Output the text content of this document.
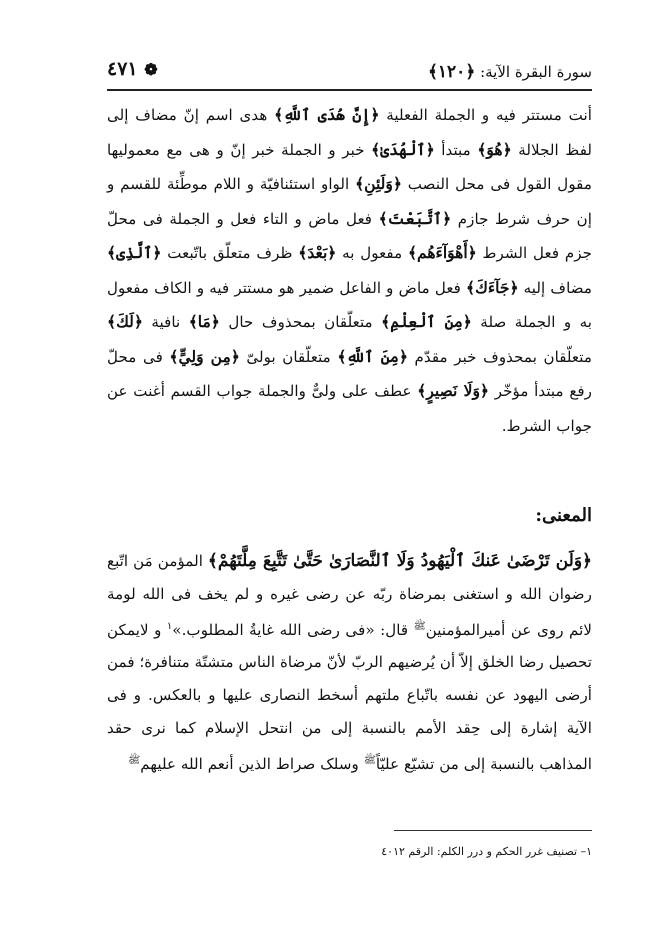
سورة البقرة الآية: ﴿١٢٠﴾
❁ ٤٧١

أنت مستتر فيه و الجملة الفعلية ﴿إِنَّ هُدَى ٱللَّهِ﴾ هدی اسم إنّ مضاف إلی لفظ الجلالة ﴿هُوَ﴾ مبتدأ ﴿ٱلْهُدَىٰ﴾ خبر و الجملة خبر إنّ و هی مع معمولیها مقول القول فی محل النصب ﴿وَلَئِنِ﴾ الواو استئنافیّة و اللام موطِّئة للقسم و إن حرف شرط جازم ﴿ٱتَّبَعْتَ﴾ فعل ماض و التاء فعل و الجملة فی محلّ جزم فعل الشرط ﴿أَهْوَآءَهُم﴾ مفعول به ﴿بَعْدَ﴾ ظرف متعلّق باتّبعت ﴿ٱلَّذِى﴾ مضاف إلیه ﴿جَآءَكَ﴾ فعل ماض و الفاعل ضمیر هو مستتر فیه و الکاف مفعول به و الجملة صلة ﴿مِنَ ٱلْعِلْمِ﴾ متعلّقان بمحذوف حال ﴿مَا﴾ نافیة ﴿لَكَ﴾ متعلّقان بمحذوف خبر مقدّم ﴿مِنَ ٱللَّهِ﴾ متعلّقان بولیّ ﴿مِن وَلِيٍّ﴾ فی محلّ رفع مبتدأ مؤخّر ﴿وَلَا نَصِيرٍ﴾ عطف علی ولیٌّ والجملة جواب القسم أغنت عن جواب الشرط.

المعنی:

﴿وَلَن تَرْضَىٰ عَنكَ ٱلْيَهُودُ وَلَا ٱلنَّصَارَىٰ حَتَّىٰ تَتَّبِعَ مِلَّتَهُمْ﴾ المؤمن مَن اتّبع رضوان الله و استغنی بمرضاة ربّه عن رضی غیره و لم یخف فی الله لومة لائم روی عن أمیرالمؤمنین$^ﷺ$ قال: «فی رضی الله غایةُ المطلوب.»$^١$ و لایمکن تحصیل رضا الخلق إلاّ أن یُرضیهم الربّ لأنّ مرضاة الناس متشتّة متنافرة؛ فمن أرضی الیهود عن نفسه باتّباع ملتهم أسخط النصاری علیها و بالعکس. و فی الآیة إشارة إلی حِقد الأمم بالنسبة إلی من انتحل الإسلام کما نری حقد المذاهب بالنسبة إلی من تشیّع علیّاً$^ﷺ$ وسلک صراط الذین أنعم الله علیهم$^ﷺ$

١– تصنیف غرر الحکم و درر الکلم: الرقم ٤٠١٢
